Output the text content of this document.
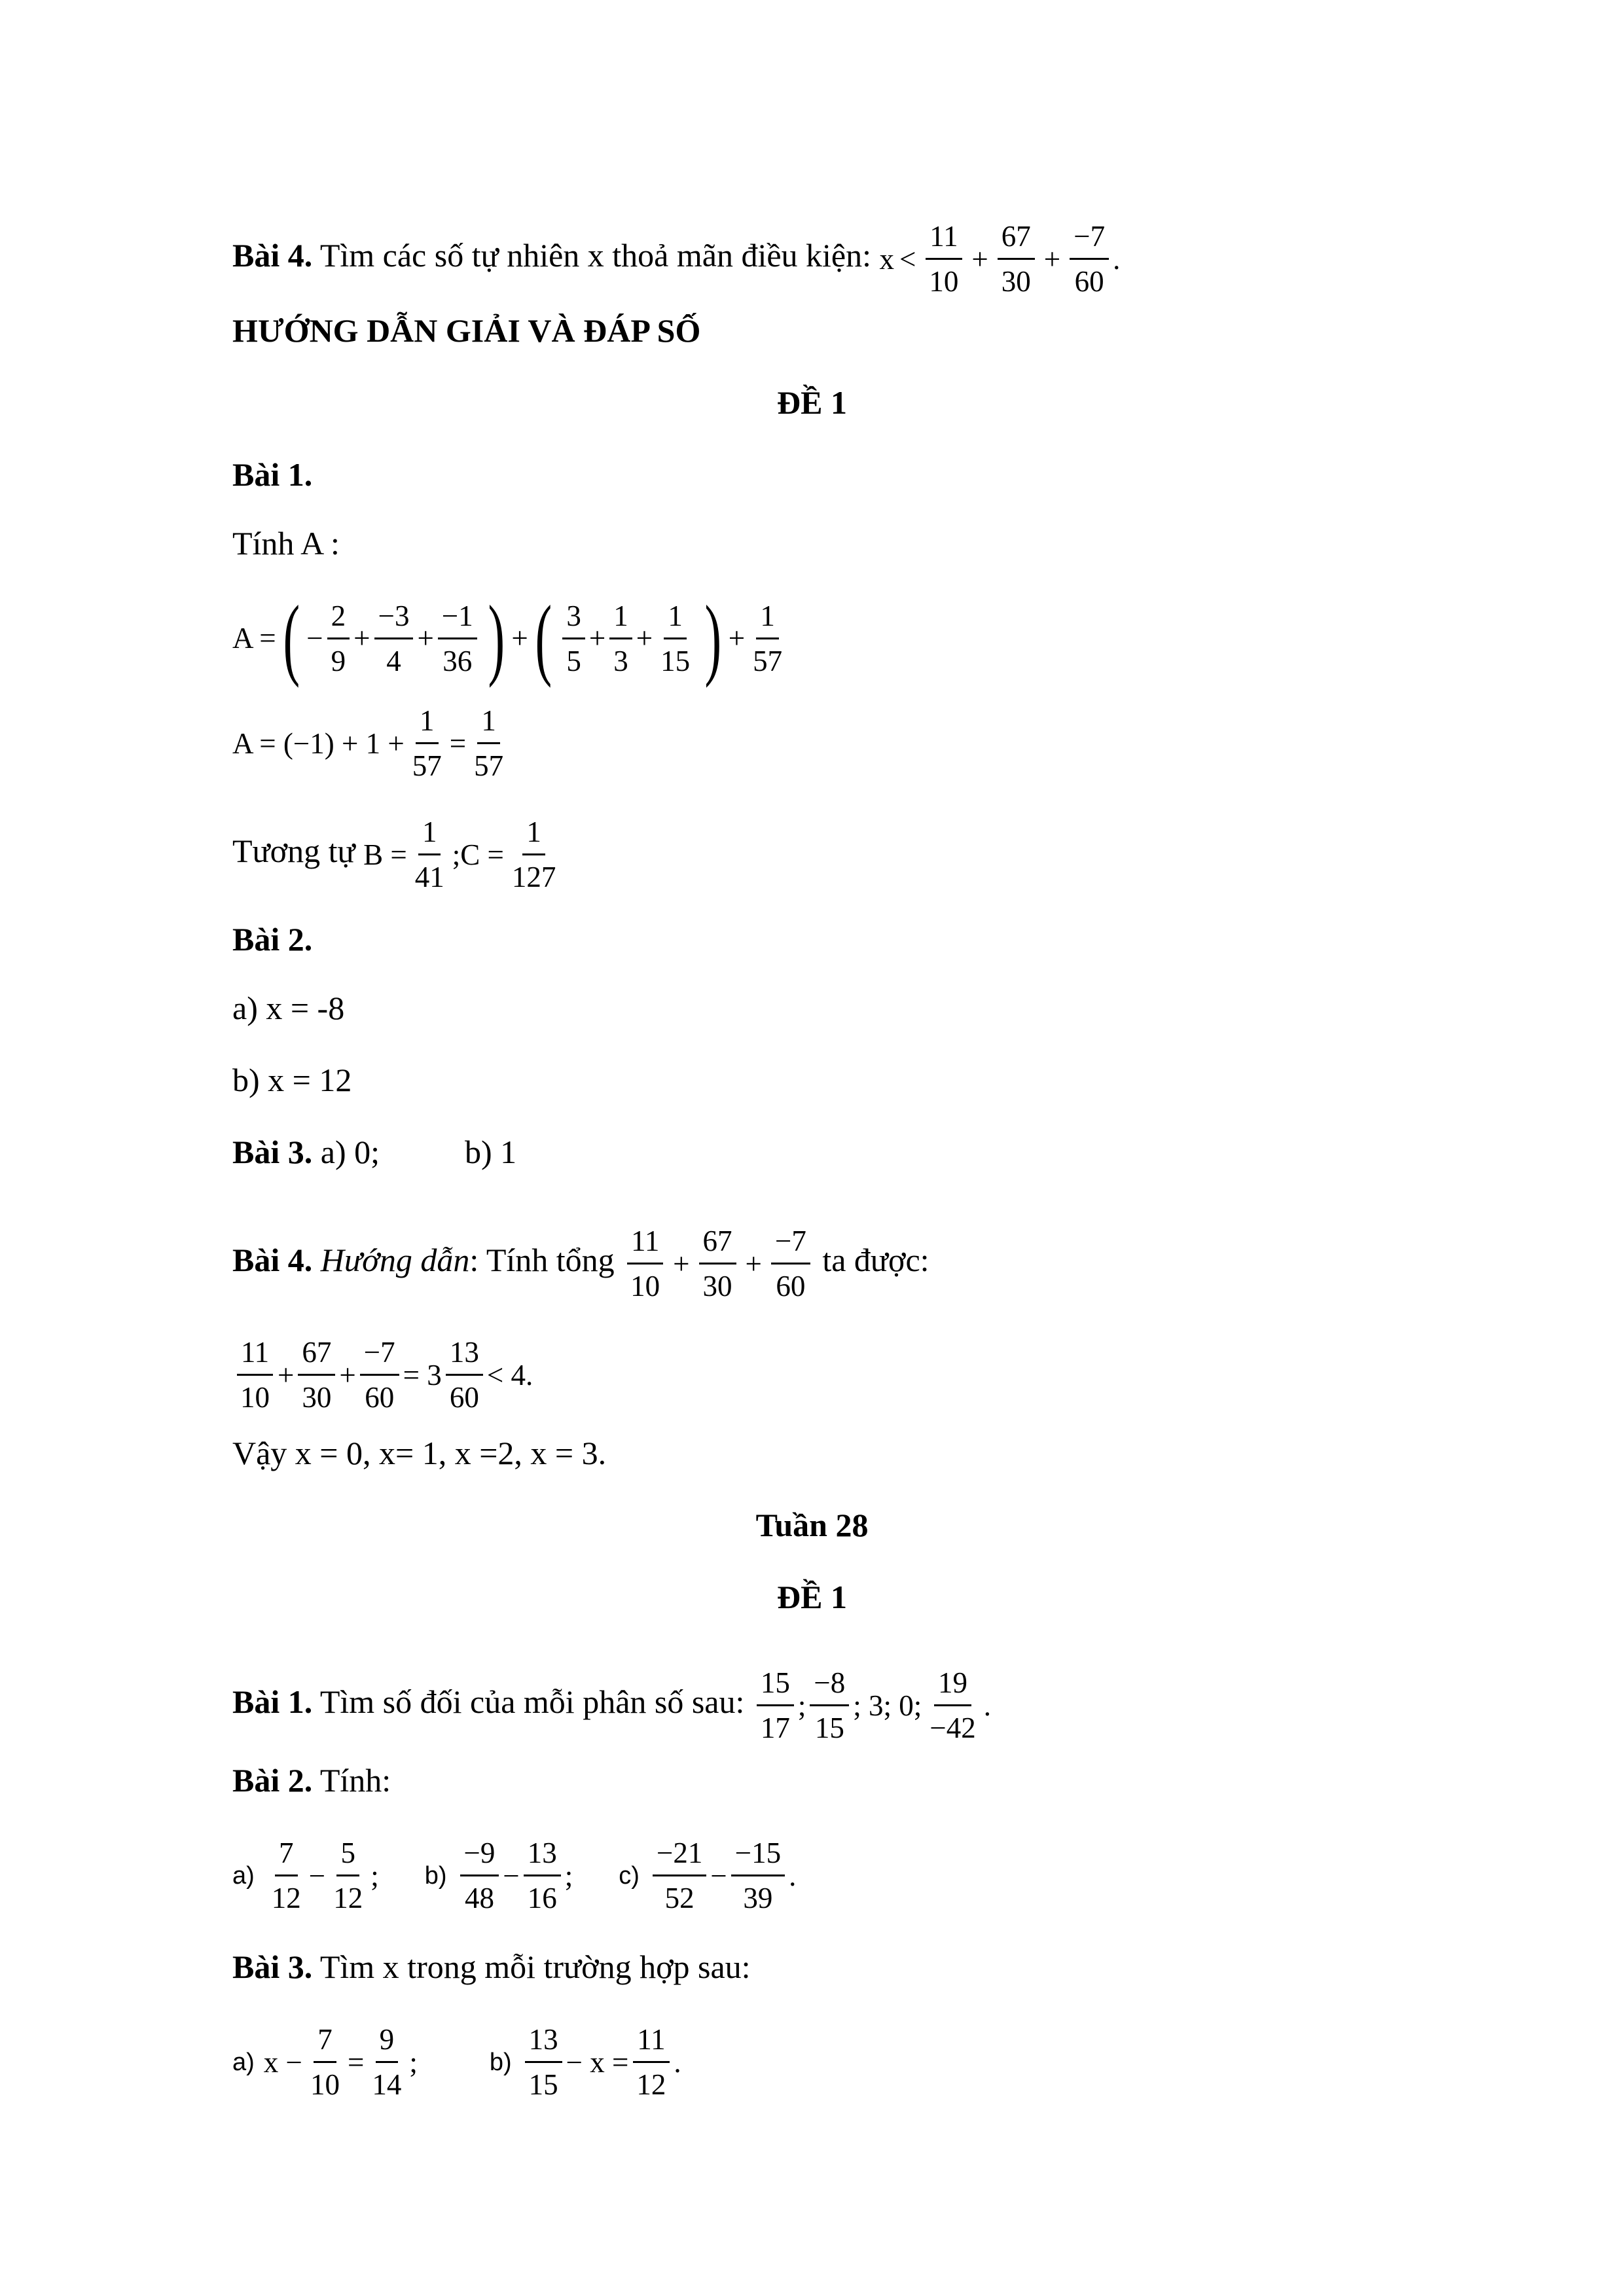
Bài 4. Tìm các số tự nhiên x thoả mãn điều kiện: $x < \frac{11}{10} + \frac{67}{30} + \frac{-7}{60}$ .
HƯỚNG DẪN GIẢI VÀ ĐÁP SỐ
ĐỀ 1
Bài 1.
Tính A :
A = ( − $\frac{2}{9} + \frac{-3}{4} + \frac{-1}{36}$ ) + ( $\frac{3}{5} + \frac{1}{3} + \frac{1}{15}$ ) + $\frac{1}{57}$
$A = (-1) + 1 + \frac{1}{57} = \frac{1}{57}$
Tương tự $B = \frac{1}{41}$ ;C = $\frac{1}{127}$
Bài 2.
a) x = -8
b) x = 12
Bài 3. a) 0;	b) 1
Bài 4. Hướng dẫn: Tính tổng $\frac{11}{10} + \frac{67}{30} + \frac{-7}{60}$ ta được:
$\frac{11}{10} + \frac{67}{30} + \frac{-7}{60} = 3 \frac{13}{60} < 4$.
Vậy x = 0, x= 1, x =2, x = 3.
Tuần 28
ĐỀ 1
Bài 1. Tìm số đối của mỗi phân số sau: $\frac{15}{17}$ ; $\frac{-8}{15}$ ; 3; 0; $\frac{19}{-42}$ .
Bài 2. Tính:
$a) \frac{7}{12} - \frac{5}{12}$ ; $b) \frac{-9}{48} - \frac{13}{16}$ ; $c) \frac{-21}{52} - \frac{-15}{39}$ .
Bài 3. Tìm x trong mỗi trường hợp sau:
a) $x - \frac{7}{10} = \frac{9}{14}$ ;	$b) \frac{13}{15} - x = \frac{11}{12}$ .
